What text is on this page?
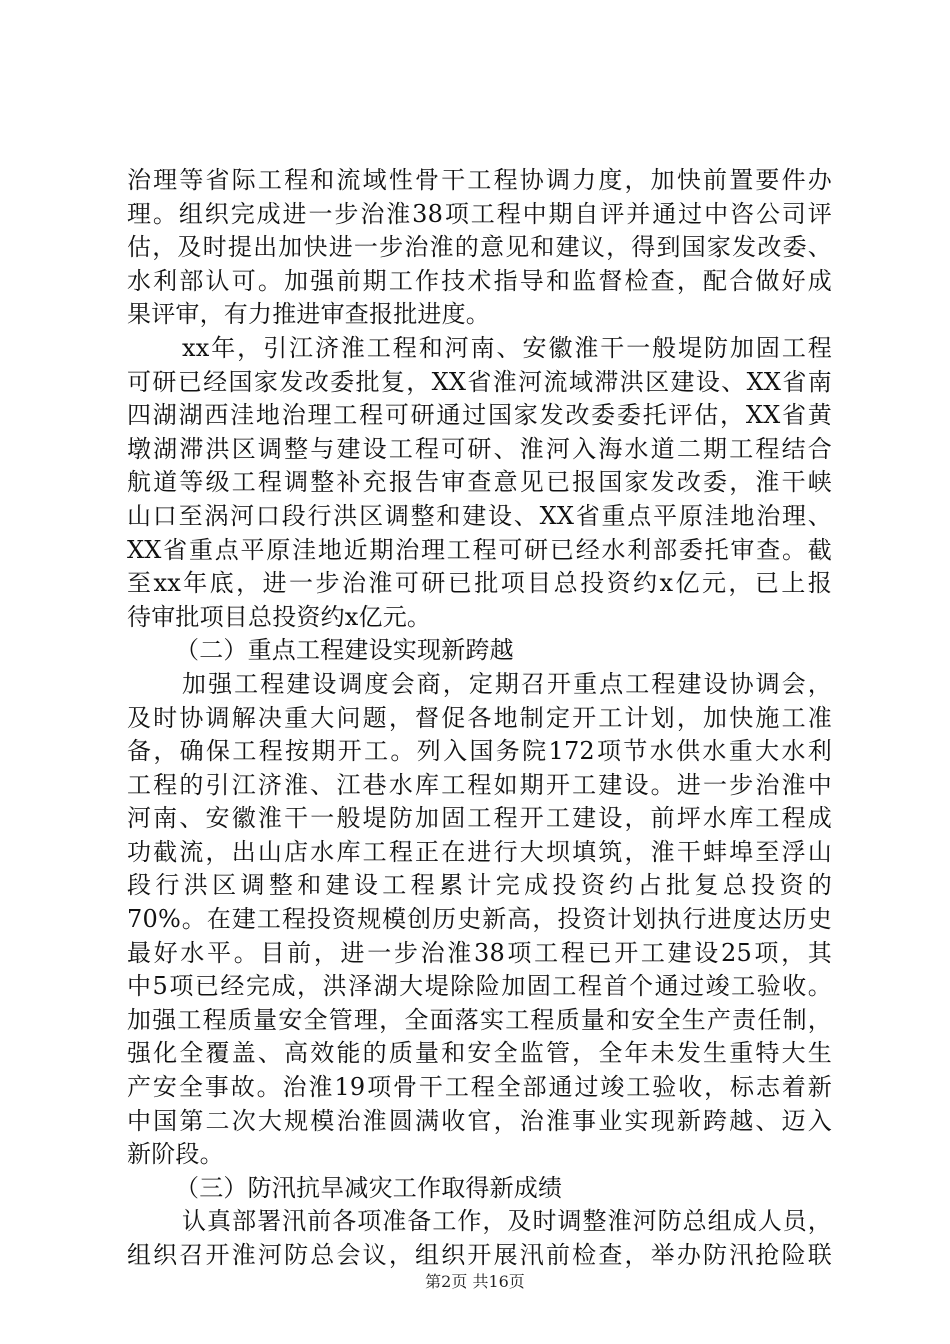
治理等省际工程和流域性骨干工程协调力度，加快前置要件办
理。组织完成进一步治淮38项工程中期自评并通过中咨公司评
估，及时提出加快进一步治淮的意见和建议，得到国家发改委、
水利部认可。加强前期工作技术指导和监督检查，配合做好成
果评审，有力推进审查报批进度。
xx年，引江济淮工程和河南、安徽淮干一般堤防加固工程
可研已经国家发改委批复，XX省淮河流域滞洪区建设、XX省南
四湖湖西洼地治理工程可研通过国家发改委委托评估，XX省黄
墩湖滞洪区调整与建设工程可研、淮河入海水道二期工程结合
航道等级工程调整补充报告审查意见已报国家发改委，淮干峡
山口至涡河口段行洪区调整和建设、XX省重点平原洼地治理、
XX省重点平原洼地近期治理工程可研已经水利部委托审查。截
至xx年底，进一步治淮可研已批项目总投资约x亿元，已上报
待审批项目总投资约x亿元。
（二）重点工程建设实现新跨越
加强工程建设调度会商，定期召开重点工程建设协调会，
及时协调解决重大问题，督促各地制定开工计划，加快施工准
备，确保工程按期开工。列入国务院172项节水供水重大水利
工程的引江济淮、江巷水库工程如期开工建设。进一步治淮中
河南、安徽淮干一般堤防加固工程开工建设，前坪水库工程成
功截流，出山店水库工程正在进行大坝填筑，淮干蚌埠至浮山
段行洪区调整和建设工程累计完成投资约占批复总投资的
70%。在建工程投资规模创历史新高，投资计划执行进度达历史
最好水平。目前，进一步治淮38项工程已开工建设25项，其
中5项已经完成，洪泽湖大堤除险加固工程首个通过竣工验收。
加强工程质量安全管理，全面落实工程质量和安全生产责任制，
强化全覆盖、高效能的质量和安全监管，全年未发生重特大生
产安全事故。治淮19项骨干工程全部通过竣工验收，标志着新
中国第二次大规模治淮圆满收官，治淮事业实现新跨越、迈入
新阶段。
（三）防汛抗旱减灾工作取得新成绩
认真部署汛前各项准备工作，及时调整淮河防总组成人员，
组织召开淮河防总会议，组织开展汛前检查，举办防汛抢险联
第2页 共16页
